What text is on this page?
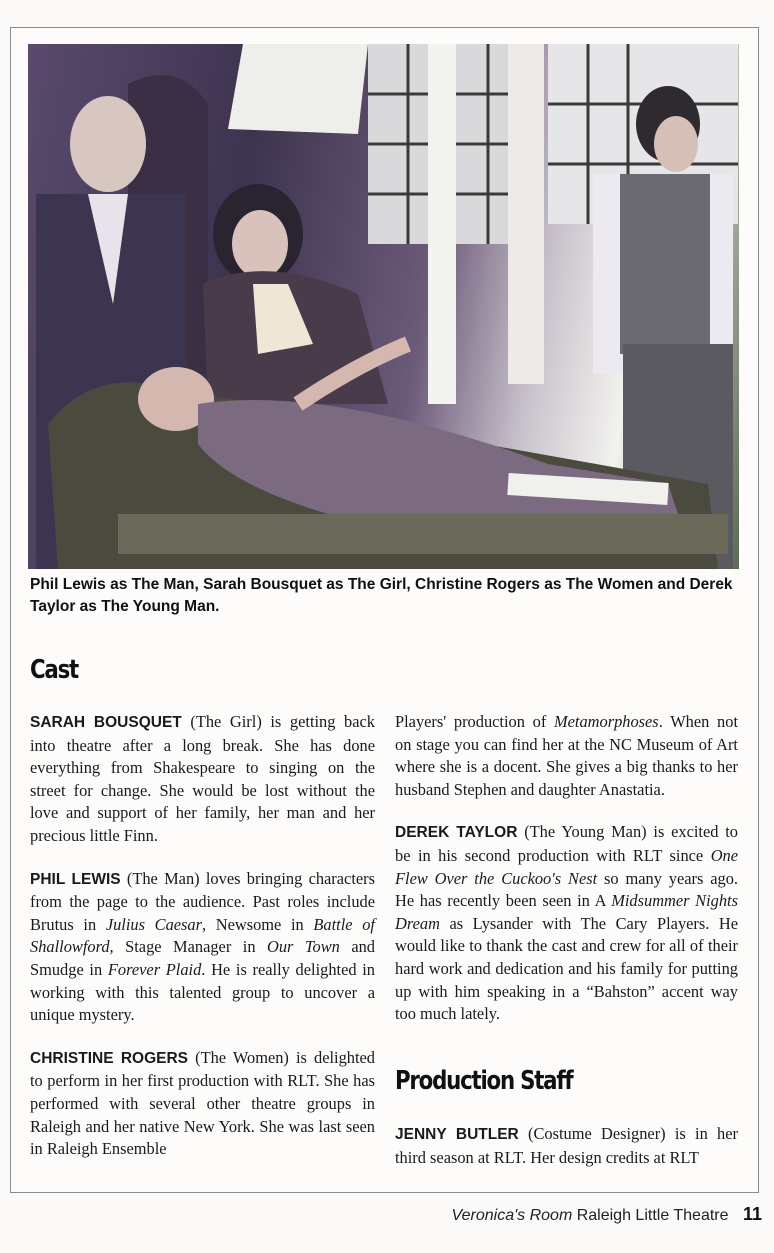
Phil Lewis as The Man, Sarah Bousquet as The Girl, Christine Rogers as The Women and Derek Taylor as The Young Man.
Cast

SARAH BOUSQUET (The Girl) is getting back into theatre after a long break. She has done everything from Shakespeare to singing on the street for change. She would be lost without the love and support of her family, her man and her precious little Finn.

PHIL LEWIS (The Man) loves bringing characters from the page to the audience. Past roles include Brutus in Julius Caesar, Newsome in Battle of Shallowford, Stage Manager in Our Town and Smudge in Forever Plaid. He is really delighted in working with this talented group to uncover a unique mystery.

CHRISTINE ROGERS (The Women) is delighted to perform in her first production with RLT. She has performed with several other theatre groups in Raleigh and her native New York. She was last seen in Raleigh Ensemble

Players' production of Metamorphoses. When not on stage you can find her at the NC Museum of Art where she is a docent. She gives a big thanks to her husband Stephen and daughter Anastatia.

DEREK TAYLOR (The Young Man) is excited to be in his second production with RLT since One Flew Over the Cuckoo's Nest so many years ago. He has recently been seen in A Midsummer Nights Dream as Lysander with The Cary Players. He would like to thank the cast and crew for all of their hard work and dedication and his family for putting up with him speaking in a “Bahston” accent way too much lately.

Production Staff

JENNY BUTLER (Costume Designer) is in her third season at RLT. Her design credits at RLT

Veronica's Room Raleigh Little Theatre 11
